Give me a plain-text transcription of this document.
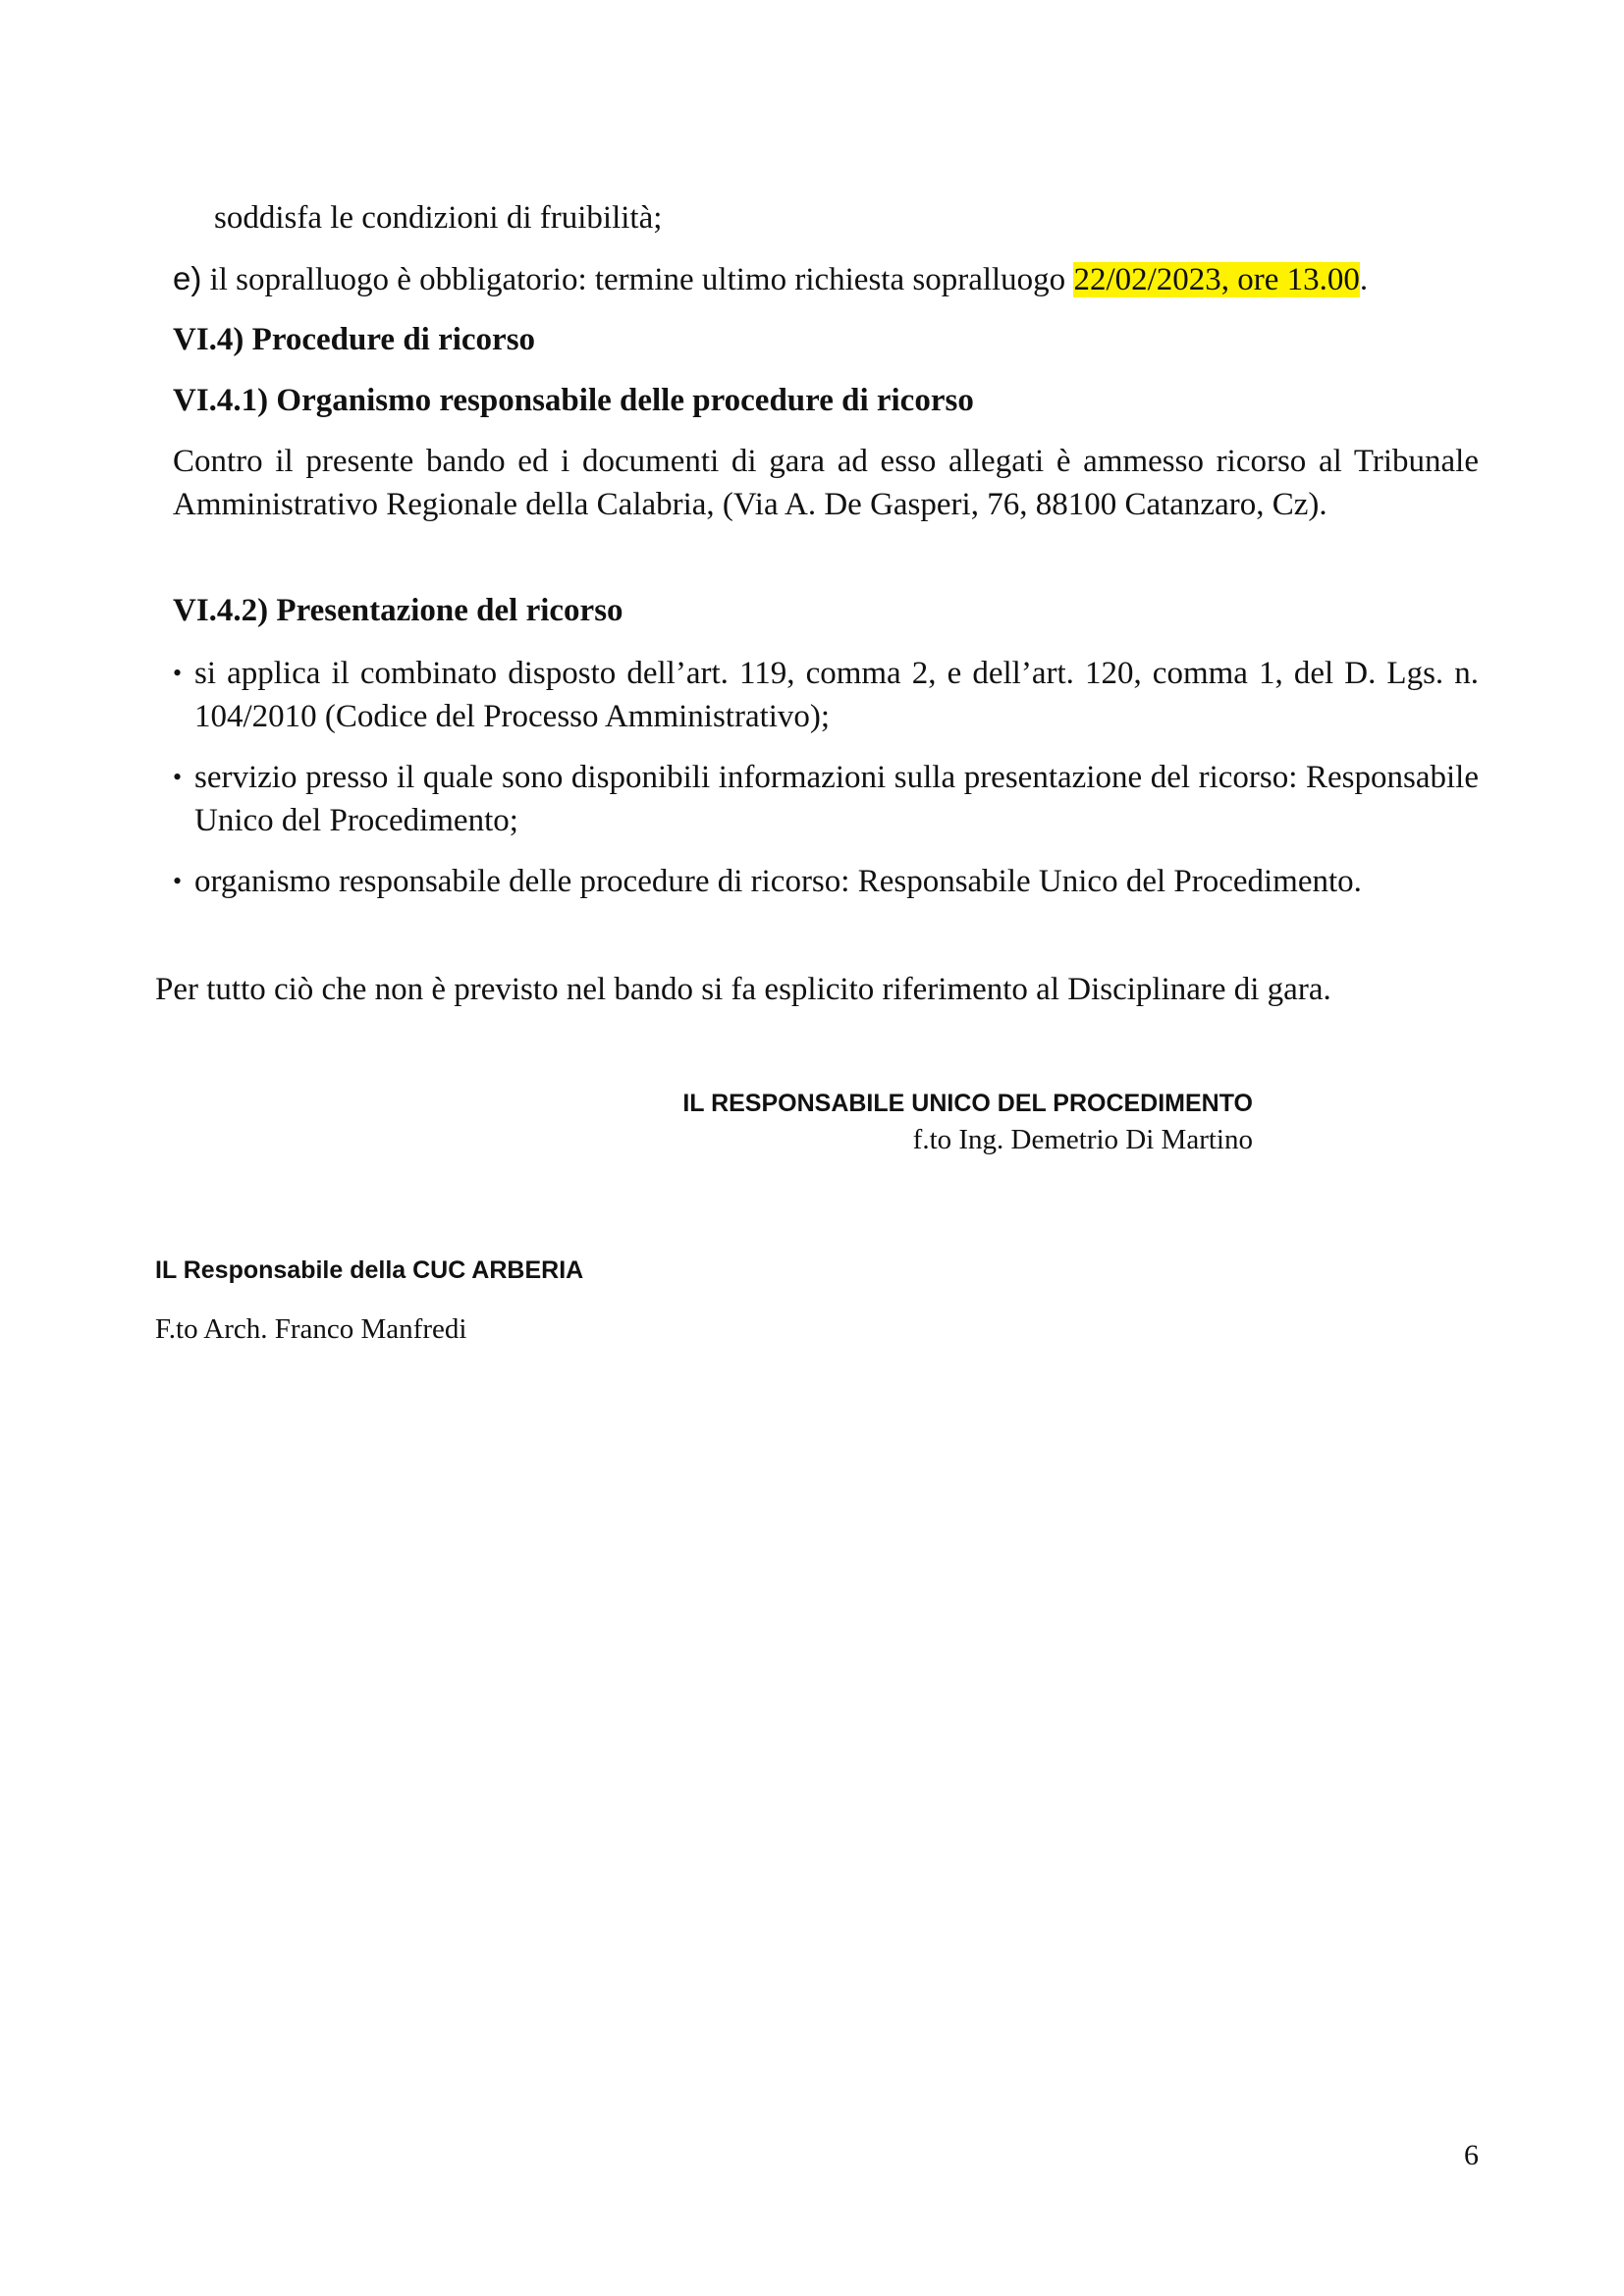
soddisfa le condizioni di fruibilità;
e) il sopralluogo è obbligatorio: termine ultimo richiesta sopralluogo 22/02/2023, ore 13.00.
VI.4) Procedure di ricorso
VI.4.1) Organismo responsabile delle procedure di ricorso
Contro il presente bando ed i documenti di gara ad esso allegati è ammesso ricorso al Tribunale Amministrativo Regionale della Calabria, (Via A. De Gasperi, 76, 88100 Catanzaro, Cz).
VI.4.2) Presentazione del ricorso
• si applica il combinato disposto dell’art. 119, comma 2, e dell’art. 120, comma 1, del D. Lgs. n. 104/2010 (Codice del Processo Amministrativo);
• servizio presso il quale sono disponibili informazioni sulla presentazione del ricorso: Responsabile Unico del Procedimento;
• organismo responsabile delle procedure di ricorso: Responsabile Unico del Procedimento.
Per tutto ciò che non è previsto nel bando si fa esplicito riferimento al Disciplinare di gara.
IL RESPONSABILE UNICO DEL PROCEDIMENTO
f.to Ing. Demetrio Di Martino
IL Responsabile della CUC ARBERIA
F.to Arch. Franco Manfredi
6
